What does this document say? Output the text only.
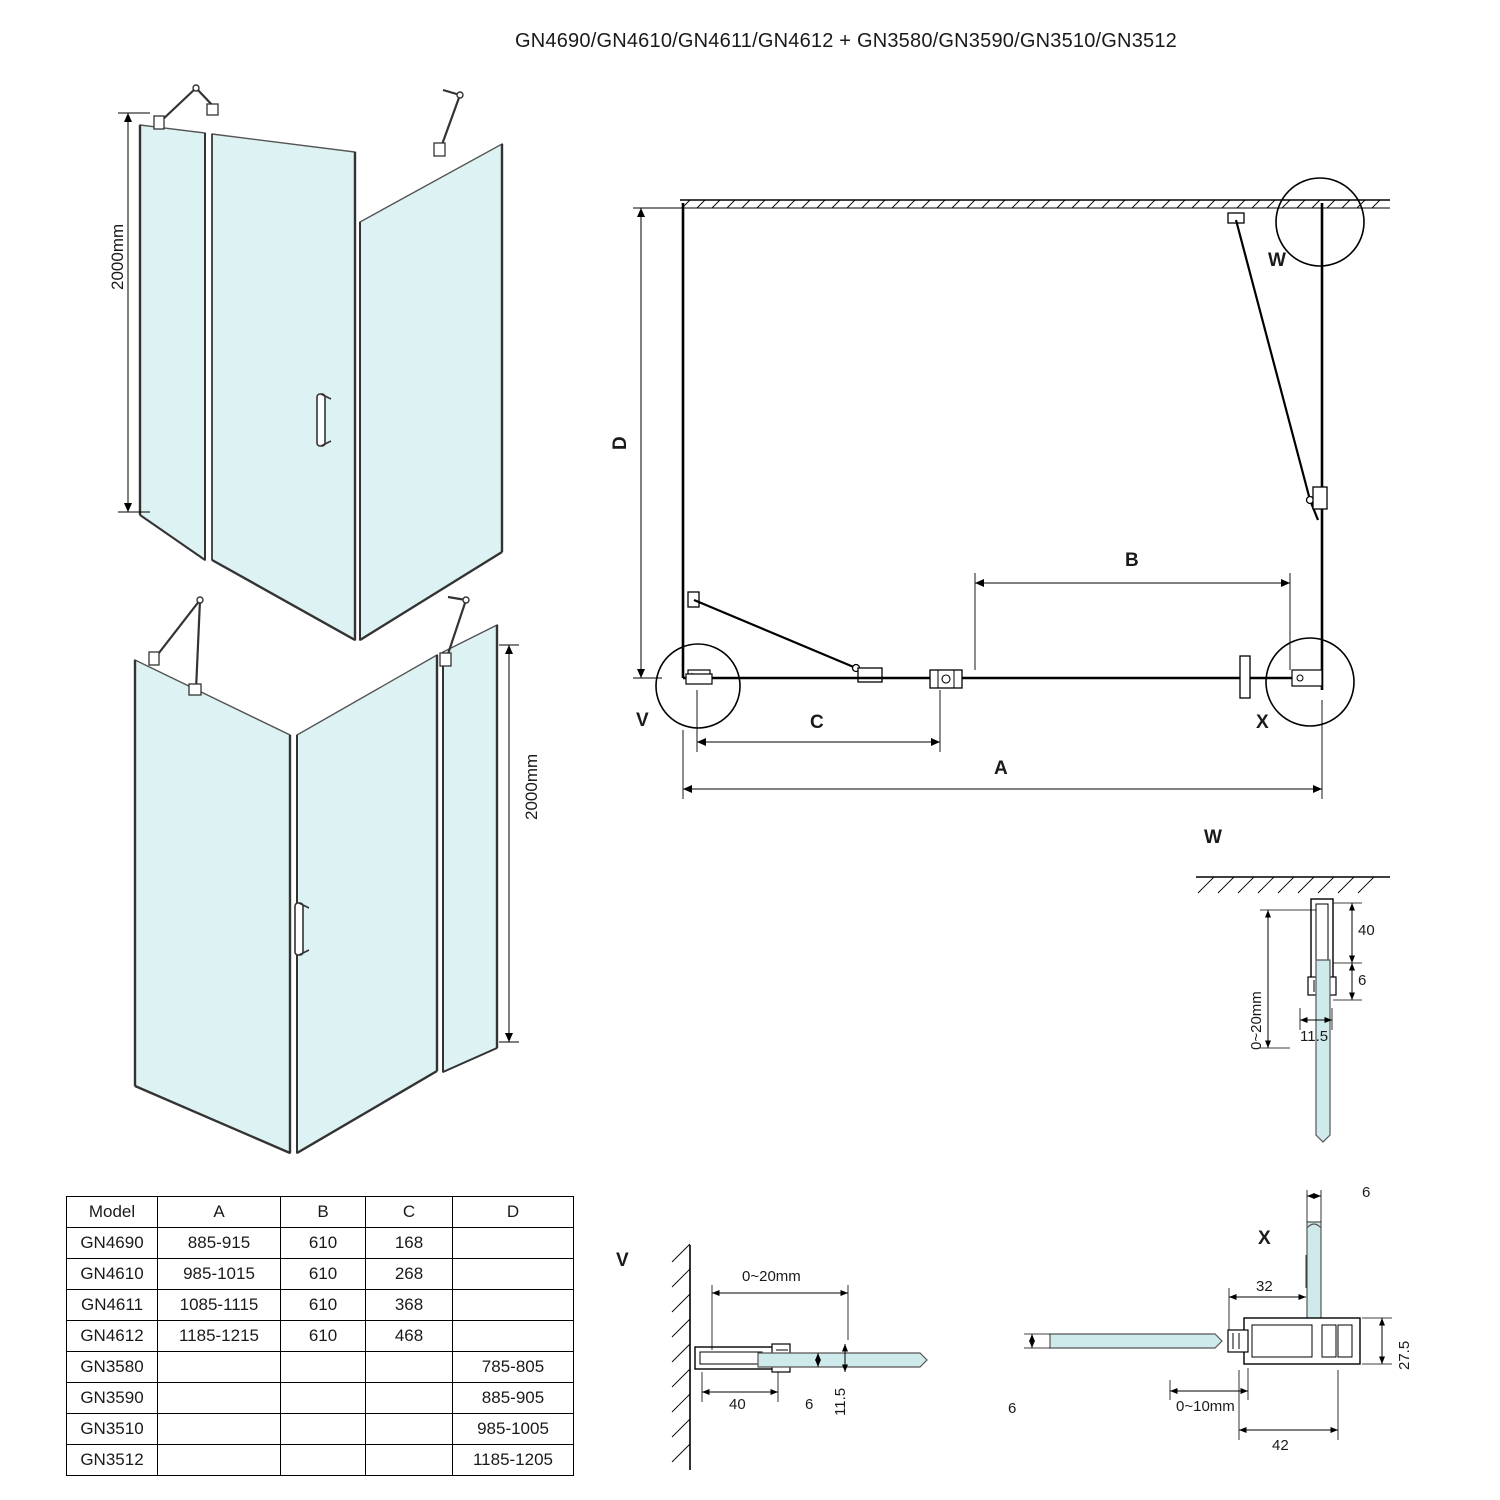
GN4690/GN4610/GN4611/GN4612 + GN3580/GN3590/GN3510/GN3512
2000mm
2000mm
D
B
C
A
V
W
X
W
40
6
11.5
0~20mm
V
0~20mm
40	6 11.5
X
6
32
27.5
6	0~10mm
42
Model	A	B	C	D
GN4690	885-915	610	168	
GN4610	985-1015	610	268	
GN4611	1085-1115	610	368	
GN4612	1185-1215	610	468	
GN3580				785-805
GN3590				885-905
GN3510				985-1005
GN3512				1185-1205
